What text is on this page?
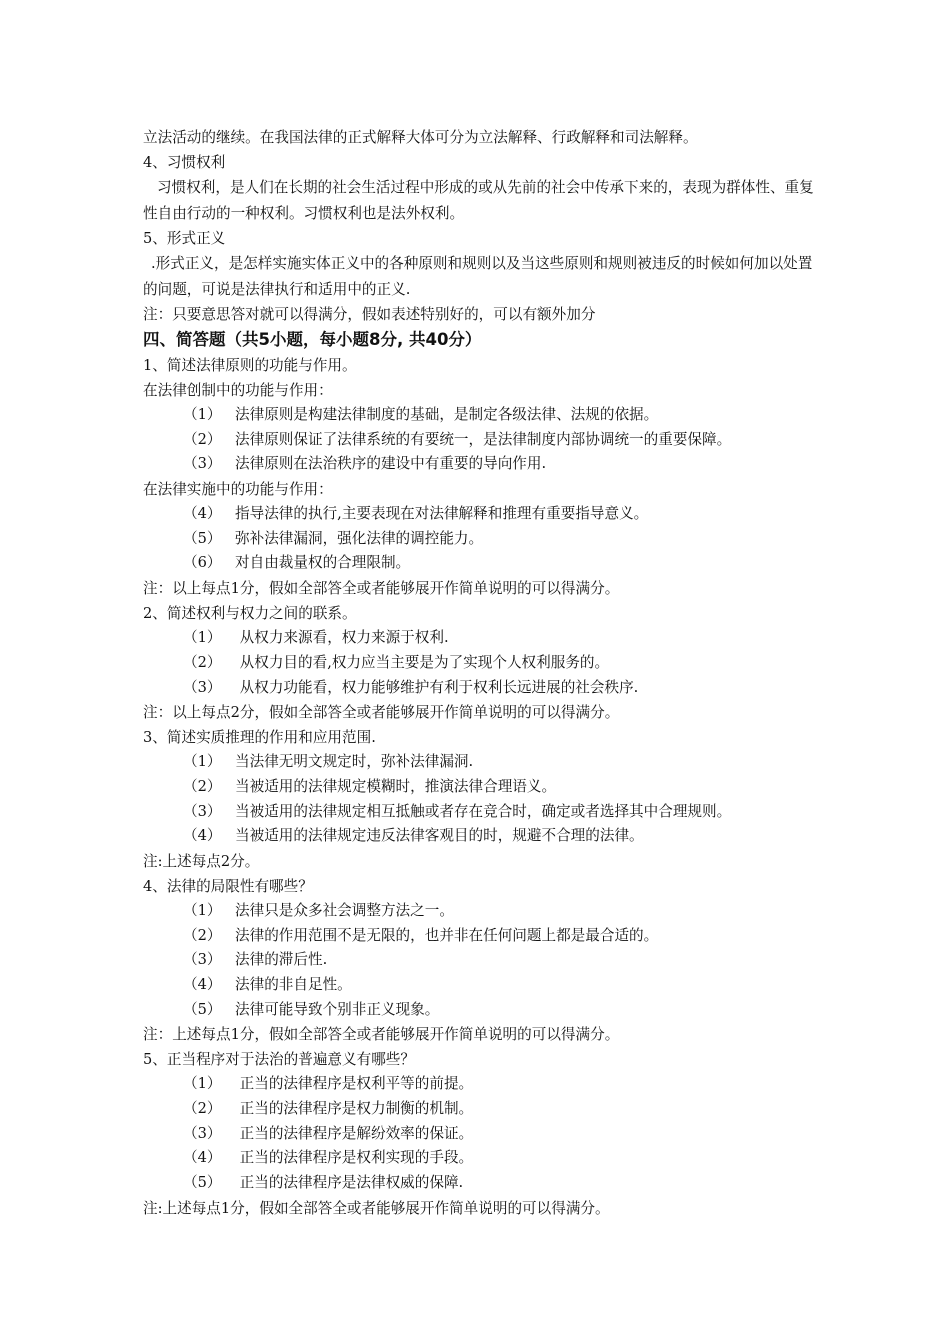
立法活动的继续。在我国法律的正式解释大体可分为立法解释、行政解释和司法解释。
4、习惯权利
习惯权利，是人们在长期的社会生活过程中形成的或从先前的社会中传承下来的，表现为群体性、重复性自由行动的一种权利。习惯权利也是法外权利。
5、形式正义
.形式正义，是怎样实施实体正义中的各种原则和规则以及当这些原则和规则被违反的时候如何加以处置的问题，可说是法律执行和适用中的正义.
注：只要意思答对就可以得满分，假如表述特别好的，可以有额外加分
四、简答题（共5小题，每小题8分, 共40分）
1、简述法律原则的功能与作用。
在法律创制中的功能与作用：
（1） 法律原则是构建法律制度的基础，是制定各级法律、法规的依据。
（2） 法律原则保证了法律系统的有要统一，是法律制度内部协调统一的重要保障。
（3） 法律原则在法治秩序的建设中有重要的导向作用.
在法律实施中的功能与作用：
（4） 指导法律的执行,主要表现在对法律解释和推理有重要指导意义。
（5） 弥补法律漏洞，强化法律的调控能力。
（6） 对自由裁量权的合理限制。
注：以上每点1分，假如全部答全或者能够展开作简单说明的可以得满分。
2、简述权利与权力之间的联系。
（1） 从权力来源看，权力来源于权利.
（2） 从权力目的看,权力应当主要是为了实现个人权利服务的。
（3） 从权力功能看，权力能够维护有利于权利长远进展的社会秩序.
注：以上每点2分，假如全部答全或者能够展开作简单说明的可以得满分。
3、简述实质推理的作用和应用范围.
（1） 当法律无明文规定时，弥补法律漏洞.
（2） 当被适用的法律规定模糊时，推演法律合理语义。
（3） 当被适用的法律规定相互抵触或者存在竞合时，确定或者选择其中合理规则。
（4） 当被适用的法律规定违反法律客观目的时，规避不合理的法律。
注:上述每点2分。
4、法律的局限性有哪些？
（1） 法律只是众多社会调整方法之一。
（2） 法律的作用范围不是无限的，也并非在任何问题上都是最合适的。
（3） 法律的滞后性.
（4） 法律的非自足性。
（5） 法律可能导致个别非正义现象。
注：上述每点1分，假如全部答全或者能够展开作简单说明的可以得满分。
5、正当程序对于法治的普遍意义有哪些？
（1） 正当的法律程序是权利平等的前提。
（2） 正当的法律程序是权力制衡的机制。
（3） 正当的法律程序是解纷效率的保证。
（4） 正当的法律程序是权利实现的手段。
（5） 正当的法律程序是法律权威的保障.
注:上述每点1分，假如全部答全或者能够展开作简单说明的可以得满分。
